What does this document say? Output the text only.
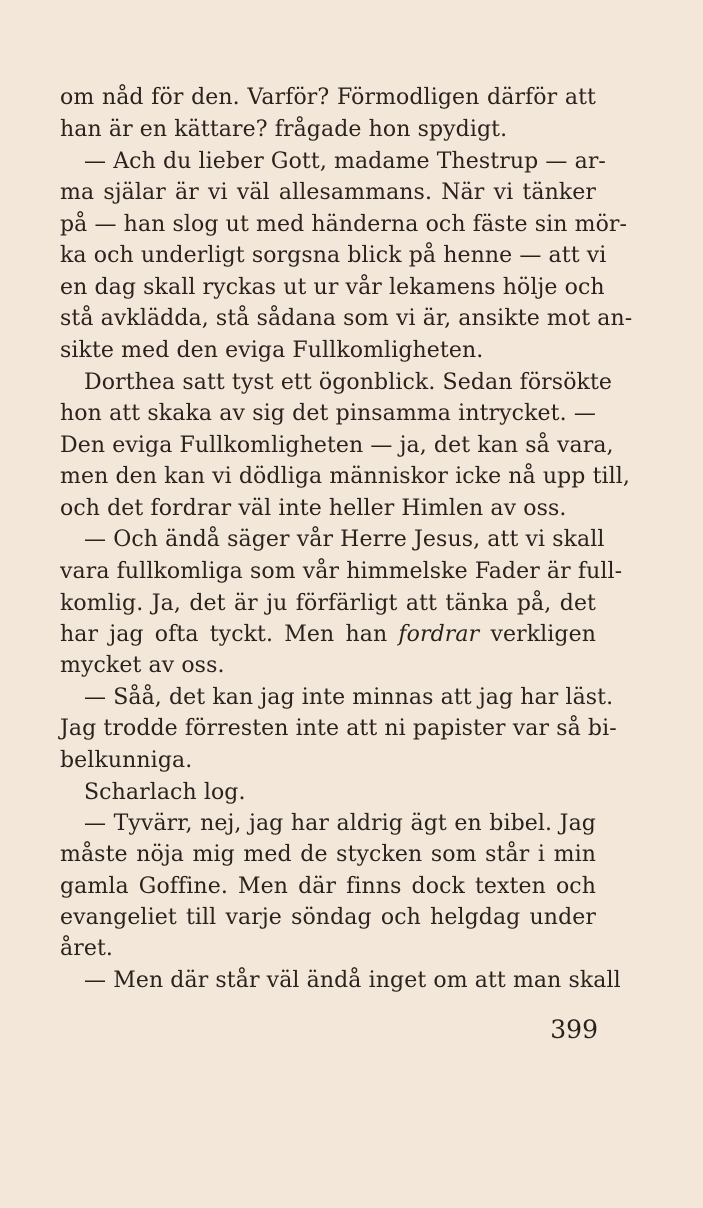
om nåd för den. Varför? Förmodligen därför att
han är en kättare? frågade hon spydigt.
— Ach du lieber Gott, madame Thestrup — ar-
ma själar är vi väl allesammans. När vi tänker
på — han slog ut med händerna och fäste sin mör-
ka och underligt sorgsna blick på henne — att vi
en dag skall ryckas ut ur vår lekamens hölje och
stå avklädda, stå sådana som vi är, ansikte mot an-
sikte med den eviga Fullkomligheten.
Dorthea satt tyst ett ögonblick. Sedan försökte
hon att skaka av sig det pinsamma intrycket. —
Den eviga Fullkomligheten — ja, det kan så vara,
men den kan vi dödliga människor icke nå upp till,
och det fordrar väl inte heller Himlen av oss.
— Och ändå säger vår Herre Jesus, att vi skall
vara fullkomliga som vår himmelske Fader är full-
komlig. Ja, det är ju förfärligt att tänka på, det
har jag ofta tyckt. Men han fordrar verkligen
mycket av oss.
— Såå, det kan jag inte minnas att jag har läst.
Jag trodde förresten inte att ni papister var så bi-
belkunniga.
Scharlach log.
— Tyvärr, nej, jag har aldrig ägt en bibel. Jag
måste nöja mig med de stycken som står i min
gamla Goffine. Men där finns dock texten och
evangeliet till varje söndag och helgdag under
året.
— Men där står väl ändå inget om att man skall
399
